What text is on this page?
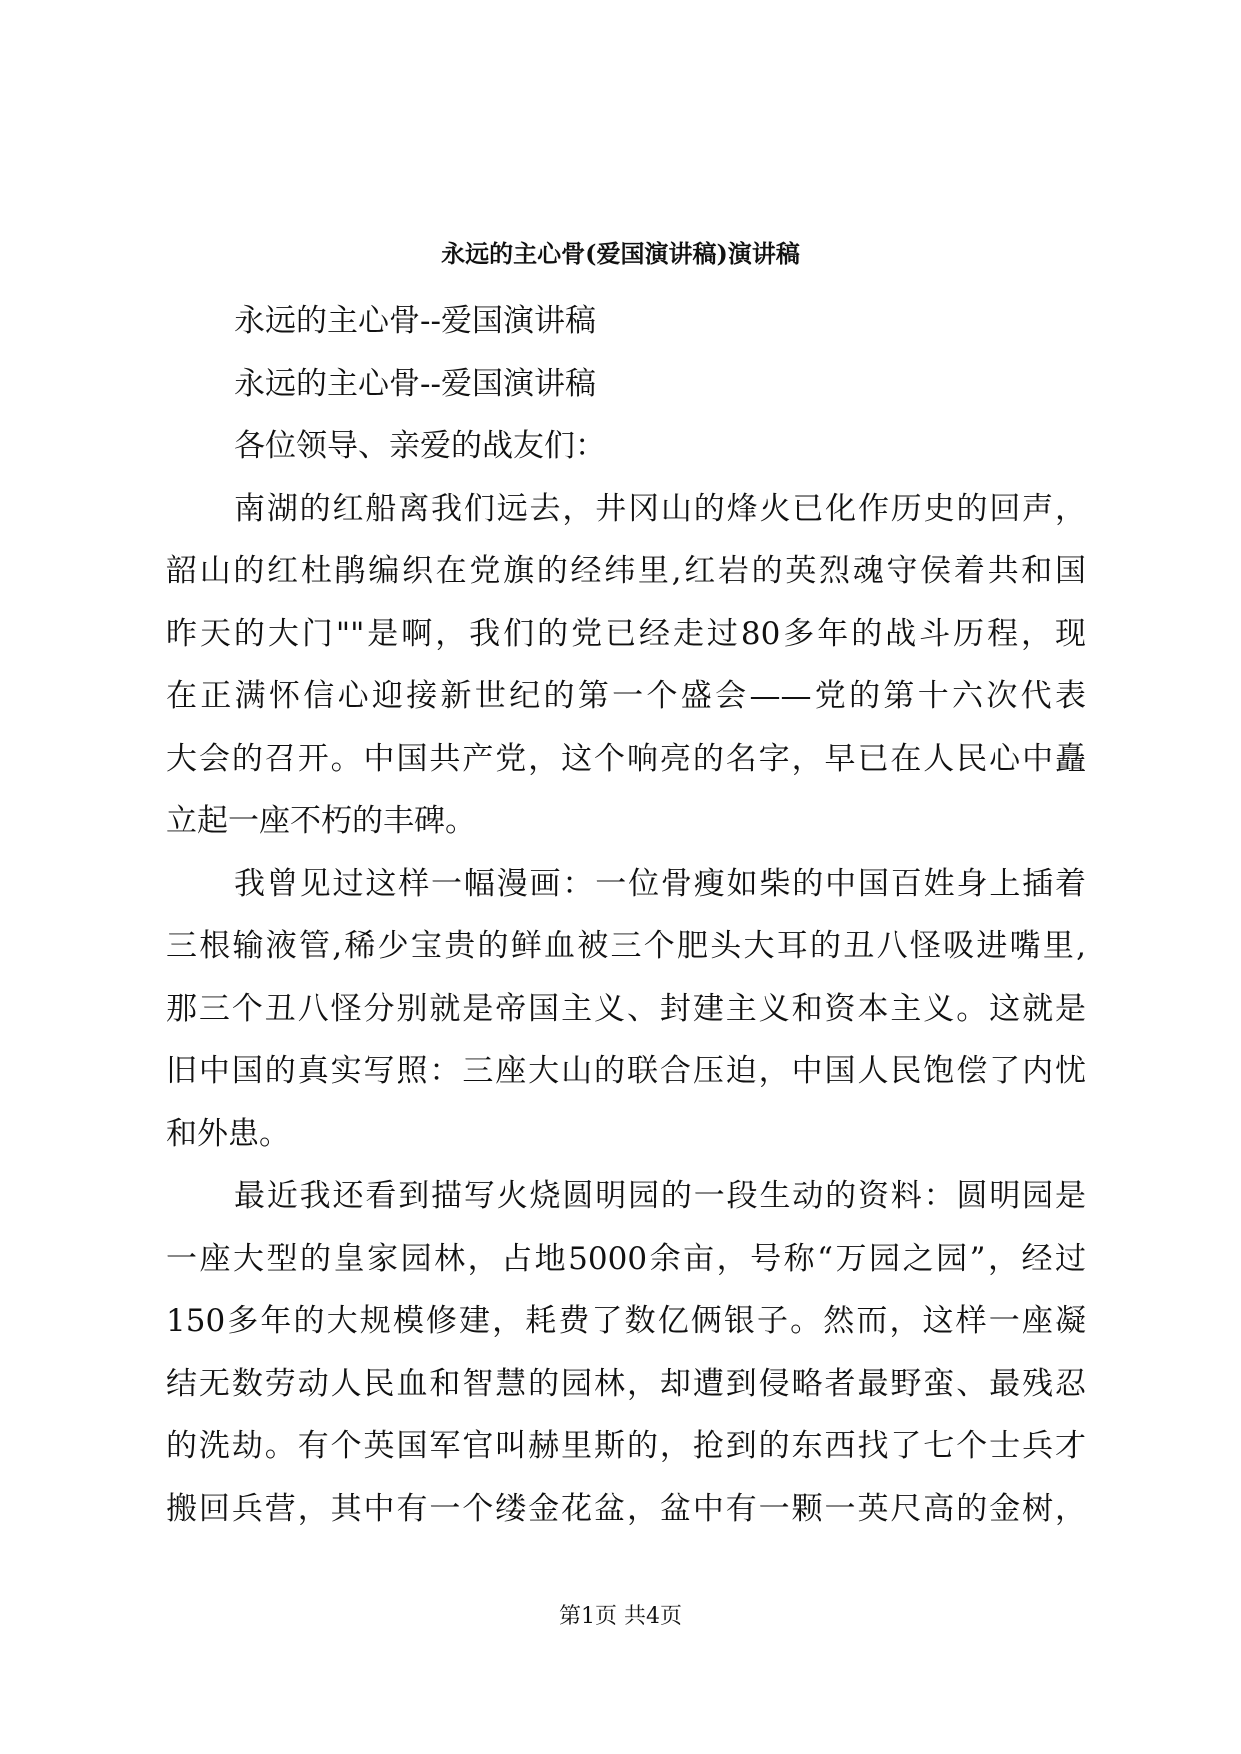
永远的主心骨(爱国演讲稿)演讲稿
永远的主心骨--爱国演讲稿
永远的主心骨--爱国演讲稿
各位领导、亲爱的战友们：
南湖的红船离我们远去，井冈山的烽火已化作历史的回声，
韶山的红杜鹃编织在党旗的经纬里,红岩的英烈魂守侯着共和国
昨天的大门""是啊，我们的党已经走过80多年的战斗历程，现
在正满怀信心迎接新世纪的第一个盛会——党的第十六次代表
大会的召开。中国共产党，这个响亮的名字，早已在人民心中矗
立起一座不朽的丰碑。
我曾见过这样一幅漫画：一位骨瘦如柴的中国百姓身上插着
三根输液管,稀少宝贵的鲜血被三个肥头大耳的丑八怪吸进嘴里,
那三个丑八怪分别就是帝国主义、封建主义和资本主义。这就是
旧中国的真实写照：三座大山的联合压迫，中国人民饱偿了内忧
和外患。
最近我还看到描写火烧圆明园的一段生动的资料：圆明园是
一座大型的皇家园林，占地5000余亩，号称“万园之园”，经过
150多年的大规模修建，耗费了数亿俩银子。然而，这样一座凝
结无数劳动人民血和智慧的园林，却遭到侵略者最野蛮、最残忍
的洗劫。有个英国军官叫赫里斯的，抢到的东西找了七个士兵才
搬回兵营，其中有一个缕金花盆，盆中有一颗一英尺高的金树，
第1页 共4页
